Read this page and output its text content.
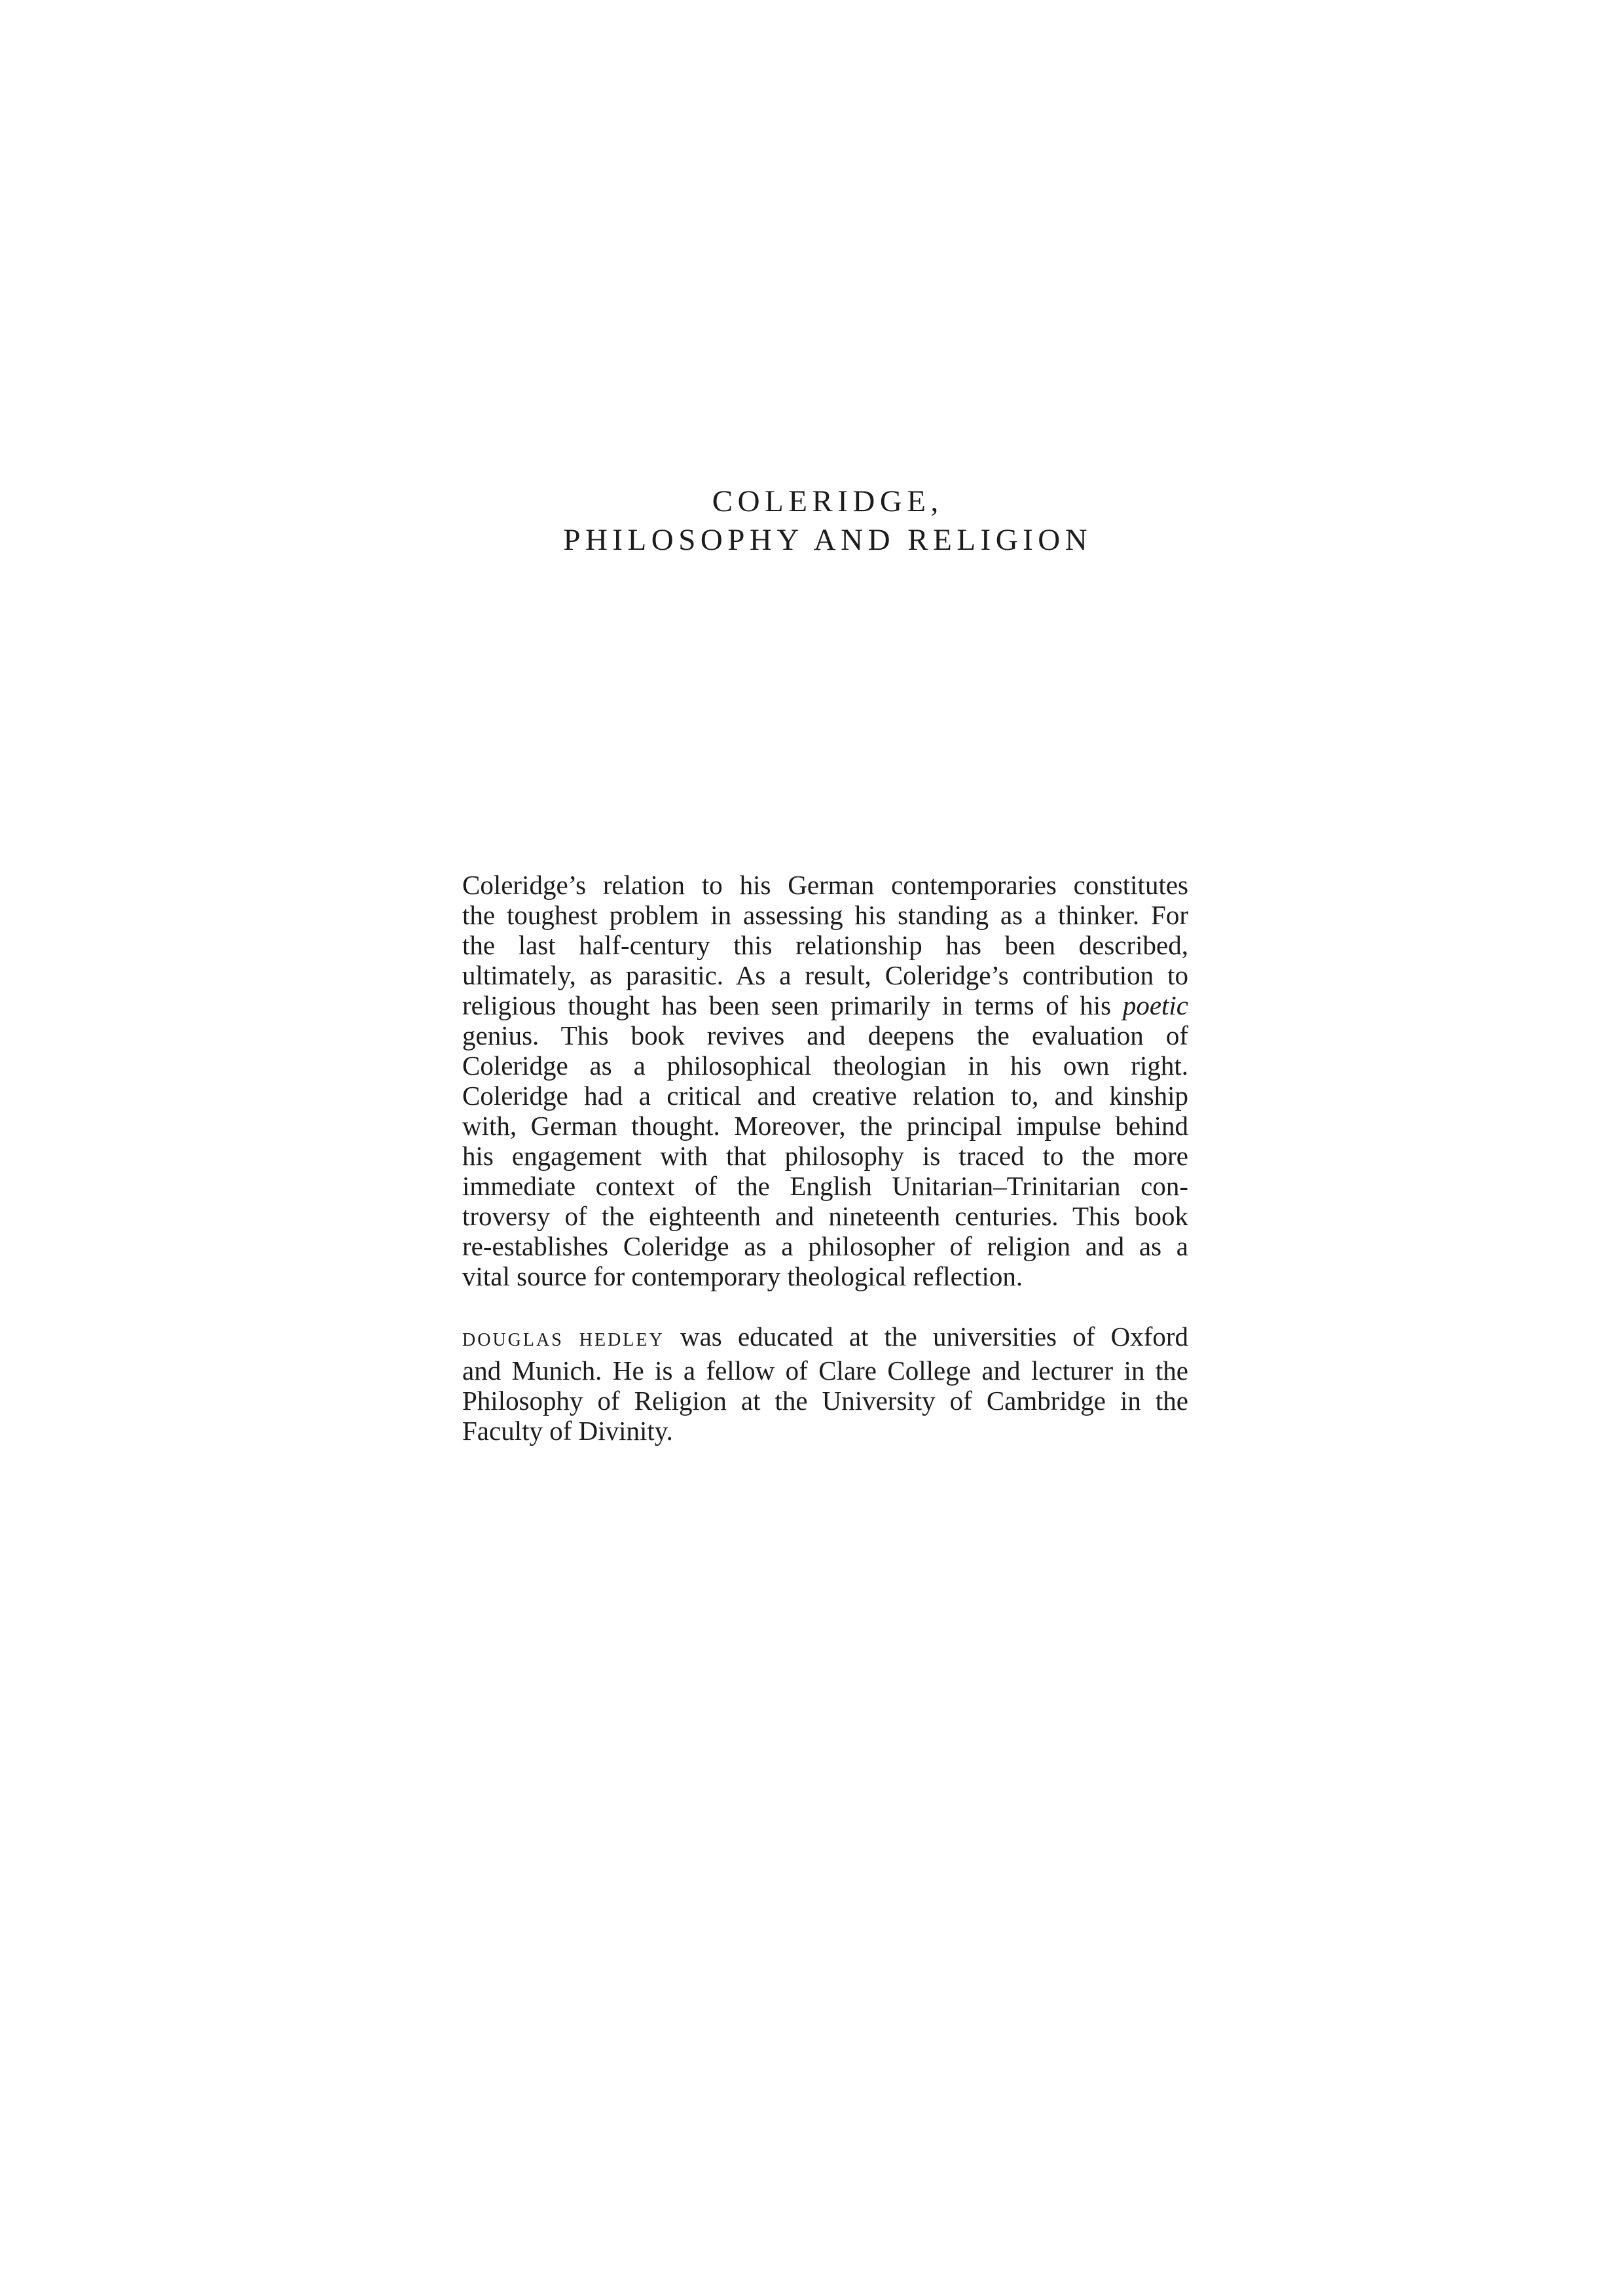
COLERIDGE,
PHILOSOPHY AND RELIGION
Coleridge’s relation to his German contemporaries constitutes
the toughest problem in assessing his standing as a thinker. For
the last half-century this relationship has been described,
ultimately, as parasitic. As a result, Coleridge’s contribution to
religious thought has been seen primarily in terms of his poetic
genius. This book revives and deepens the evaluation of
Coleridge as a philosophical theologian in his own right.
Coleridge had a critical and creative relation to, and kinship
with, German thought. Moreover, the principal impulse behind
his engagement with that philosophy is traced to the more
immediate context of the English Unitarian–Trinitarian con-
troversy of the eighteenth and nineteenth centuries. This book
re-establishes Coleridge as a philosopher of religion and as a
vital source for contemporary theological reflection.
DOUGLAS HEDLEY was educated at the universities of Oxford
and Munich. He is a fellow of Clare College and lecturer in the
Philosophy of Religion at the University of Cambridge in the
Faculty of Divinity.
